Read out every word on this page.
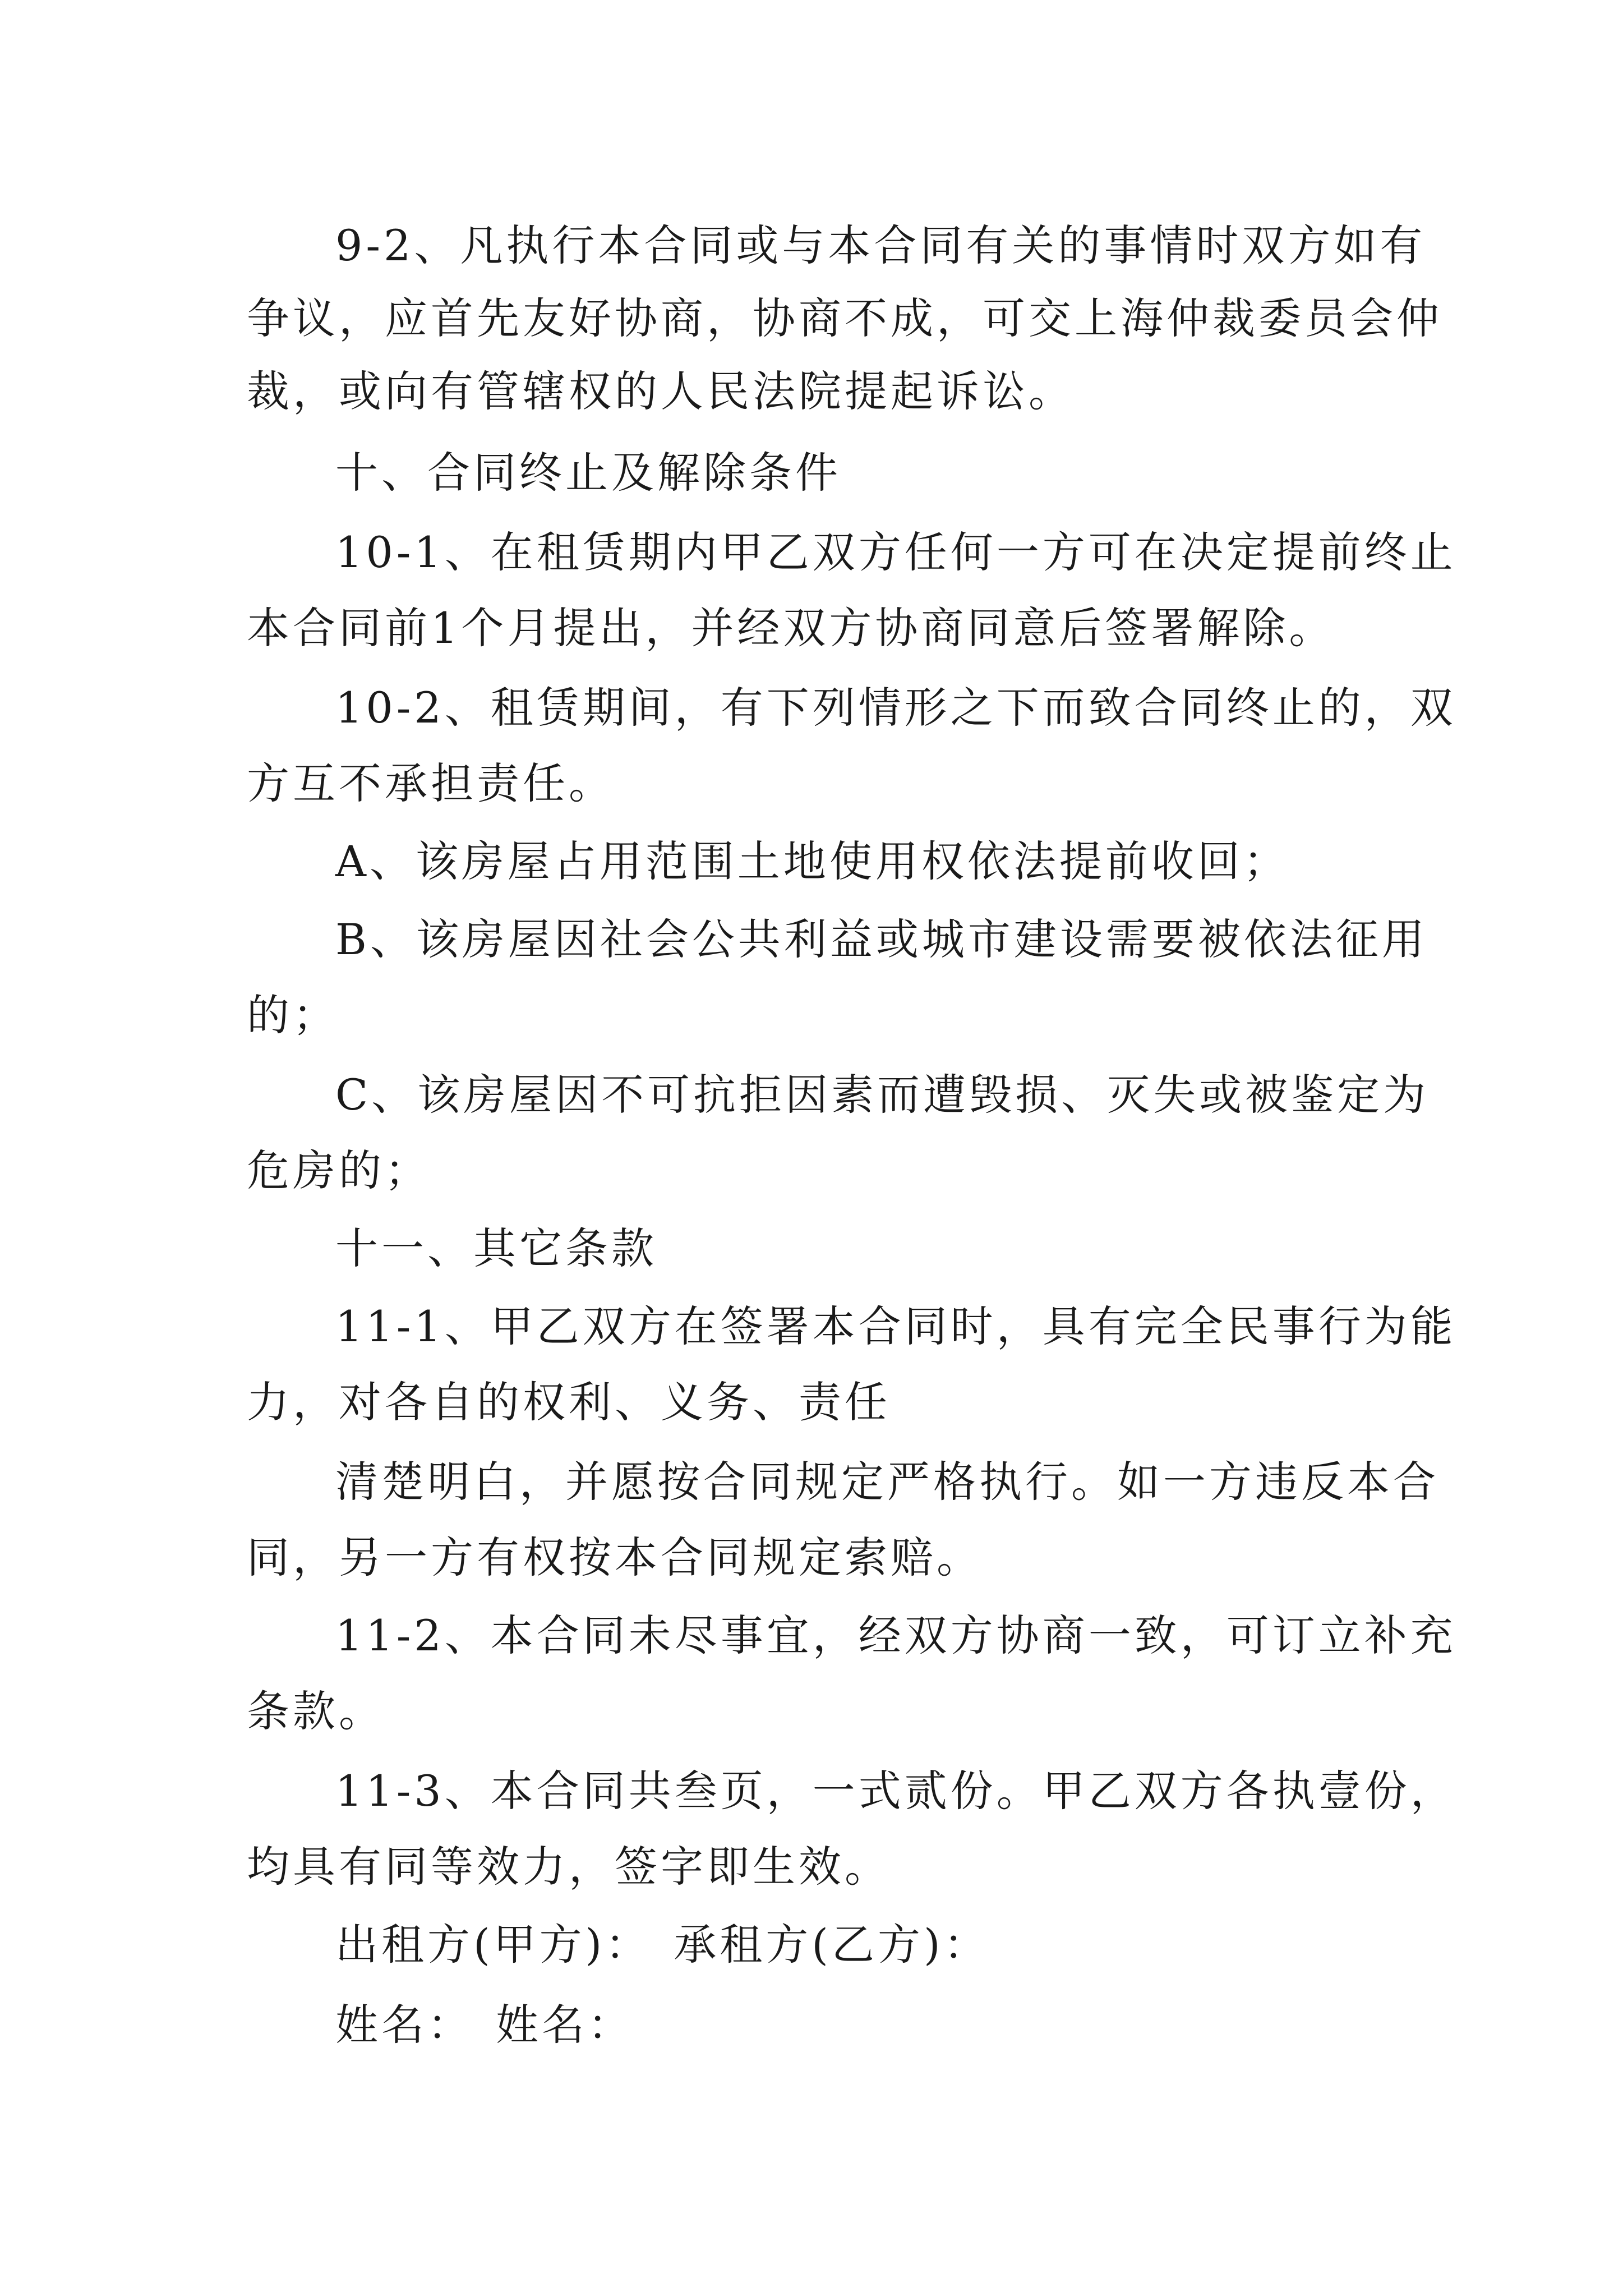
9-2、凡执行本合同或与本合同有关的事情时双方如有
争议，应首先友好协商，协商不成，可交上海仲裁委员会仲
裁，或向有管辖权的人民法院提起诉讼。
十、合同终止及解除条件
10-1、在租赁期内甲乙双方任何一方可在决定提前终止
本合同前1个月提出，并经双方协商同意后签署解除。
10-2、租赁期间，有下列情形之下而致合同终止的，双
方互不承担责任。
A、该房屋占用范围土地使用权依法提前收回；
B、该房屋因社会公共利益或城市建设需要被依法征用
的；
C、该房屋因不可抗拒因素而遭毁损、灭失或被鉴定为
危房的；
十一、其它条款
11-1、甲乙双方在签署本合同时，具有完全民事行为能
力，对各自的权利、义务、责任
清楚明白，并愿按合同规定严格执行。如一方违反本合
同，另一方有权按本合同规定索赔。
11-2、本合同未尽事宜，经双方协商一致，可订立补充
条款。
11-3、本合同共叁页，一式贰份。甲乙双方各执壹份，
均具有同等效力，签字即生效。
出租方(甲方)： 承租方(乙方)：
姓名： 姓名：
